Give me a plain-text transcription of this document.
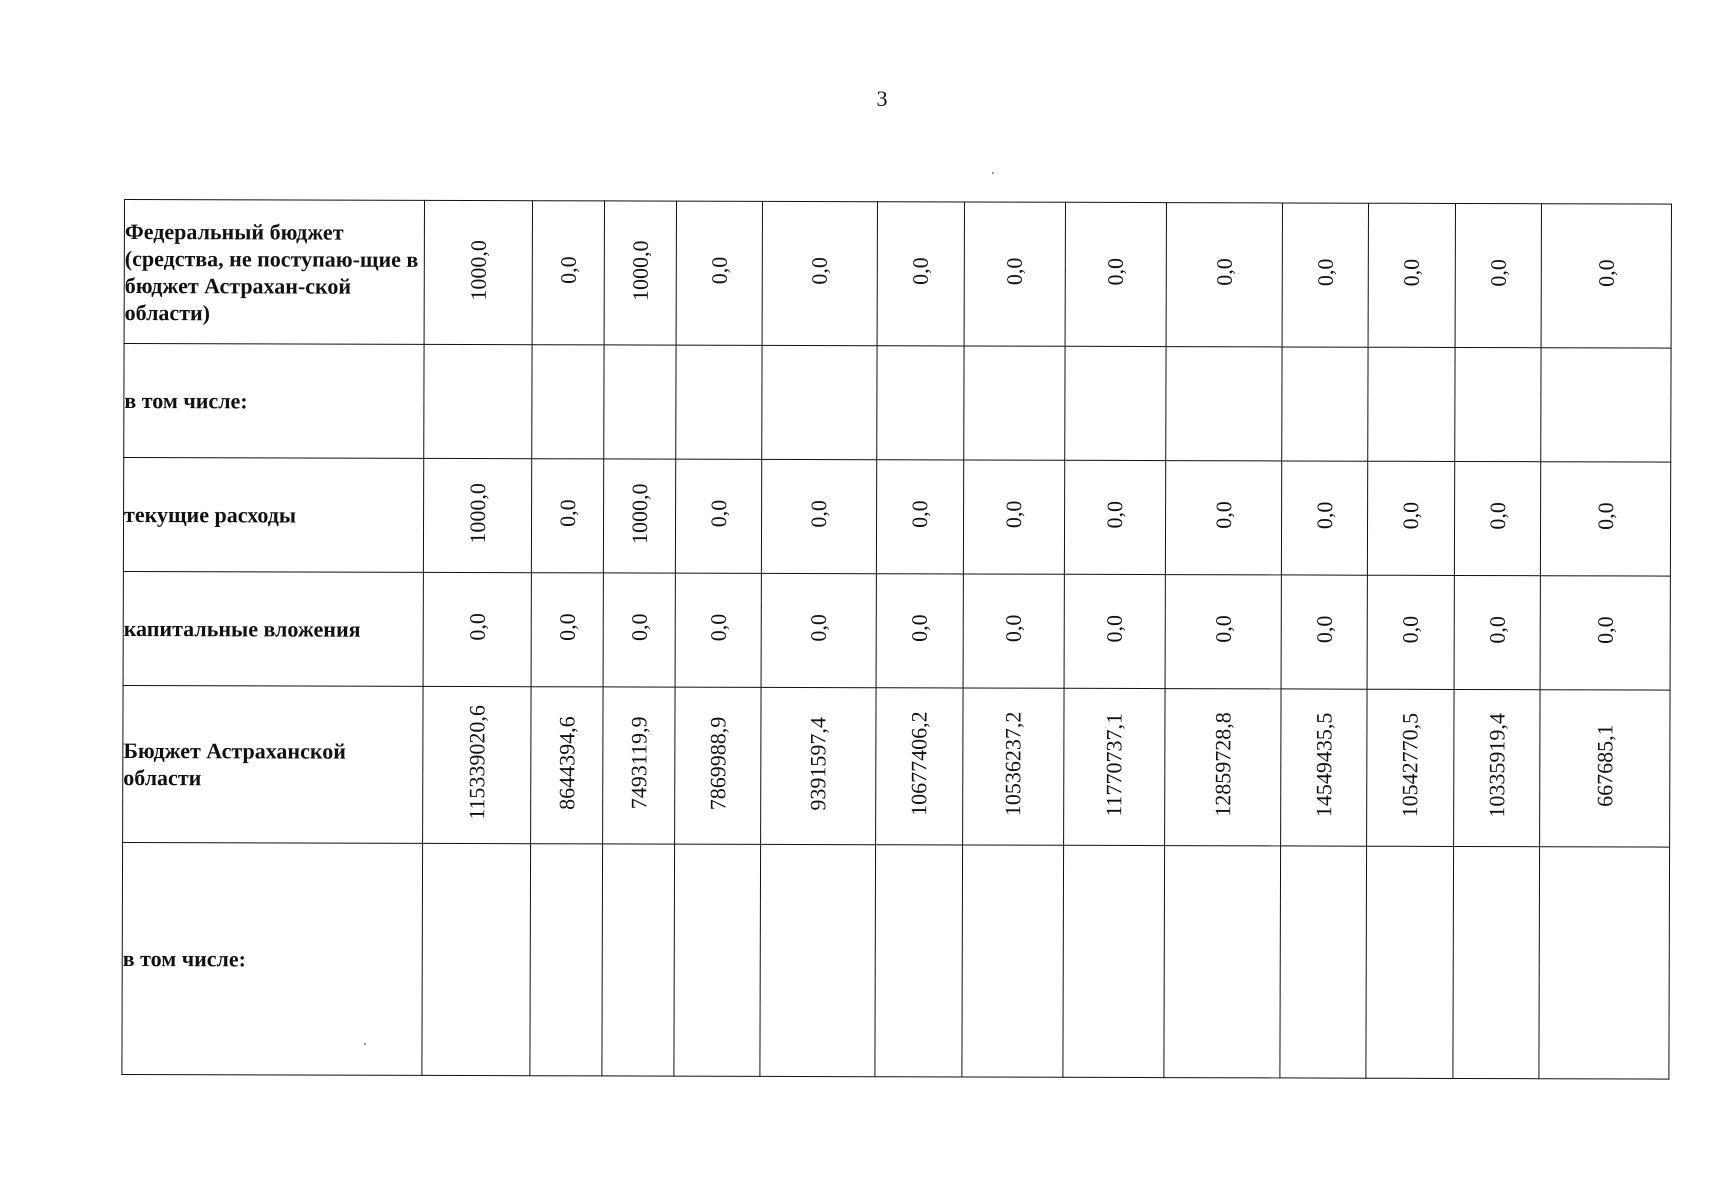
3
Федеральный бюджет (средства, не поступаю-щие в бюджет Астрахан-ской области)	1000,0	0,0	1000,0	0,0	0,0	0,0	0,0	0,0	0,0	0,0	0,0	0,0	0,0
в том числе:													
текущие расходы	1000,0	0,0	1000,0	0,0	0,0	0,0	0,0	0,0	0,0	0,0	0,0	0,0	0,0
капитальные вложения	0,0	0,0	0,0	0,0	0,0	0,0	0,0	0,0	0,0	0,0	0,0	0,0	0,0
Бюджет Астраханской области	115339020,6	8644394,6	7493119,9	7869988,9	9391597,4	10677406,2	10536237,2	11770737,1	12859728,8	14549435,5	10542770,5	10335919,4	667685,1
в том числе:													
